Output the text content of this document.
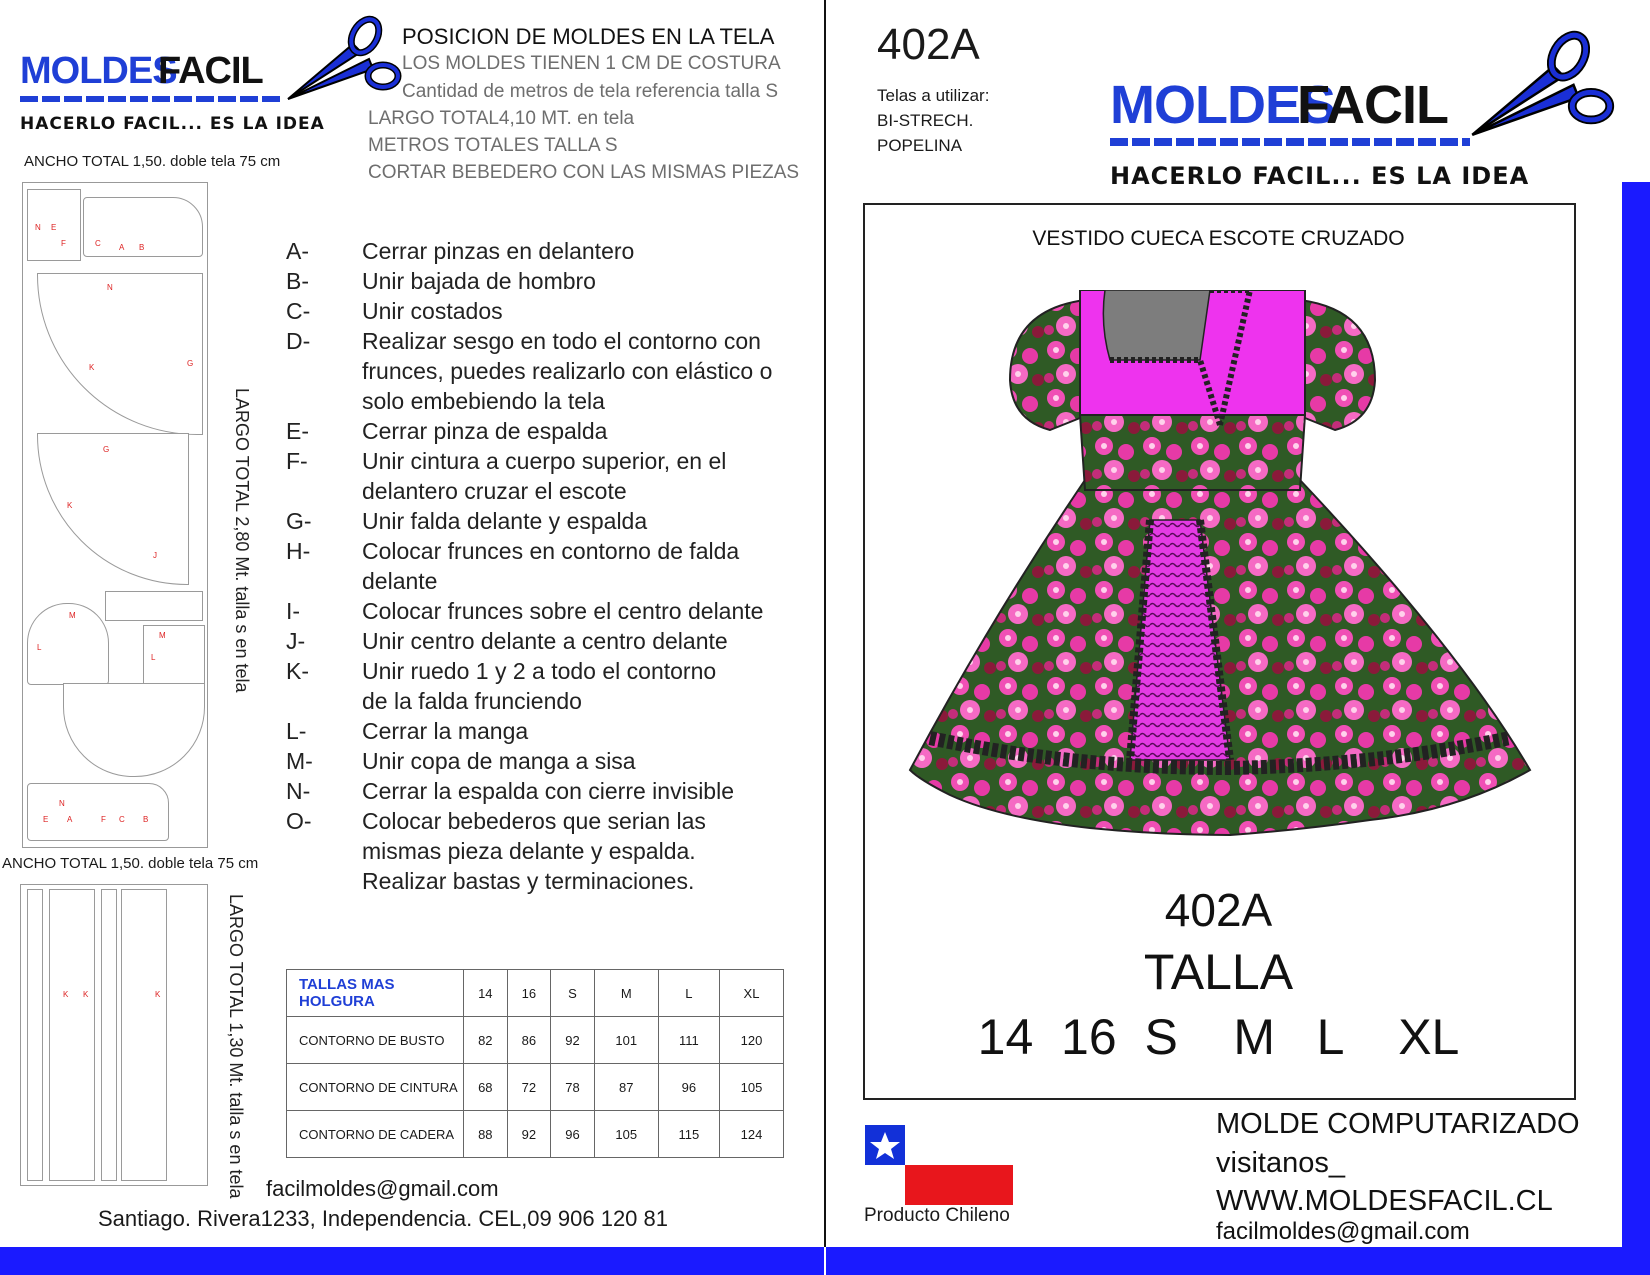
MOLDES
FACIL
HACERLO FACIL... ES LA IDEA
POSICION DE MOLDES EN LA TELA
LOS MOLDES TIENEN 1 CM DE COSTURA
Cantidad de metros de tela referencia talla S
LARGO TOTAL4,10 MT. en tela
METROS TOTALES TALLA S
CORTAR BEBEDERO CON LAS MISMAS PIEZAS
ANCHO TOTAL 1,50. doble tela 75 cm
N E
F	C A B
N
K	G
G
K
J
M
L
M
L
N
E A	F C B
LARGO TOTAL 2,80 Mt. talla s en tela
ANCHO TOTAL 1,50. doble tela 75 cm
K K	K	LARGO TOTAL 1,30 Mt. talla s en tela
A-	Cerrar pinzas en delantero
B-	Unir bajada de hombro
C-	Unir costados
D-	Realizar sesgo en todo el contorno con frunces, puedes realizarlo con elástico o solo embebiendo la tela
E-	Cerrar pinza de espalda
F-	Unir cintura a cuerpo superior, en el delantero cruzar el escote
G-	Unir falda delante y espalda
H-	Colocar frunces en contorno de falda delante
I-	Colocar frunces sobre el centro delante
J-	Unir centro delante a centro delante
K-	Unir ruedo 1 y 2 a todo el contorno de la falda frunciendo
L-	Cerrar la manga
M-	Unir copa de manga a sisa
N-	Cerrar la espalda con cierre invisible
O-	Colocar bebederos que serian las mismas pieza delante y espalda. Realizar bastas y terminaciones.
TALLAS MAS HOLGURA	14	16	S	M	L	XL
CONTORNO DE BUSTO	82	86	92	101	111	120
CONTORNO DE CINTURA	68	72	78	87	96	105
CONTORNO DE CADERA	88	92	96	105	115	124
facilmoldes@gmail.com
Santiago. Rivera1233, Independencia. CEL,09 906 120 81
402A
Telas a utilizar:
BI-STRECH.
POPELINA
MOLDES
FACIL
HACERLO FACIL... ES LA IDEA
VESTIDO CUECA ESCOTE CRUZADO
402A
TALLA
14  16  S    M   L    XL
Producto Chileno
MOLDE COMPUTARIZADO
visitanos_
WWW.MOLDESFACIL.CL
facilmoldes@gmail.com
